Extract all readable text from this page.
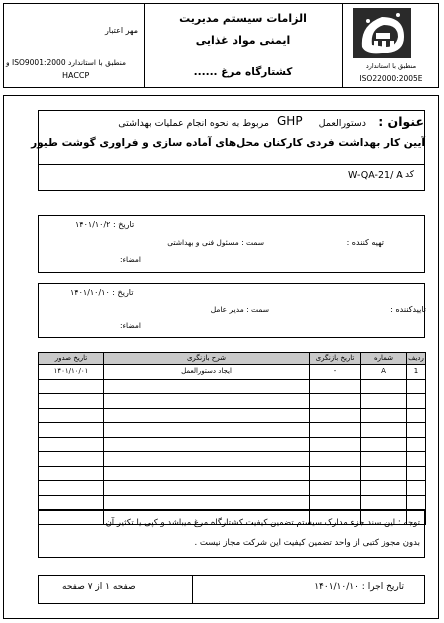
مهر اعتبار
منطبق با استاندارد ISO9001:2000 و
HACCP
الزامات سیستم مدیریت
ایمنی مواد غذایی
کشتارگاه مرغ ......	منطبق با استاندارد
ISO22000:2005E
عنوان :
دستورالعمل
GHP
مربوط به نحوه انجام عملیات بهداشتی
آیین کار بهداشت فردی کارکنان محل‌های آماده سازی و فراوری گوشت طیور
کد :
W-QA-21/ A
تاریخ : ۱۴۰۱/۱۰/۲
تهیه کننده :
سمت : مسئول فنی و بهداشتی
امضاء:
تاریخ : ۱۴۰۱/۱۰/۱۰
تاییدکننده :
سمت : مدیر عامل
امضاء:
ردیف	شماره	تاریخ بازنگری	شرح بازنگری	تاریخ صدور
1	A	-	ایجاد دستورالعمل	۱۴۰۱/۱۰/۰۱

توجه : این سند جزء مدارک سیستم تضمین کیفیت کشتارگاه مرغ میباشد و کپی یا تکثیر آن
بدون مجوز کتبی از واحد تضمین کیفیت این شرکت مجاز نیست .
تاریخ اجرا : ۱۴۰۱/۱۰/۱۰
صفحه ۱ از ۷ صفحه
